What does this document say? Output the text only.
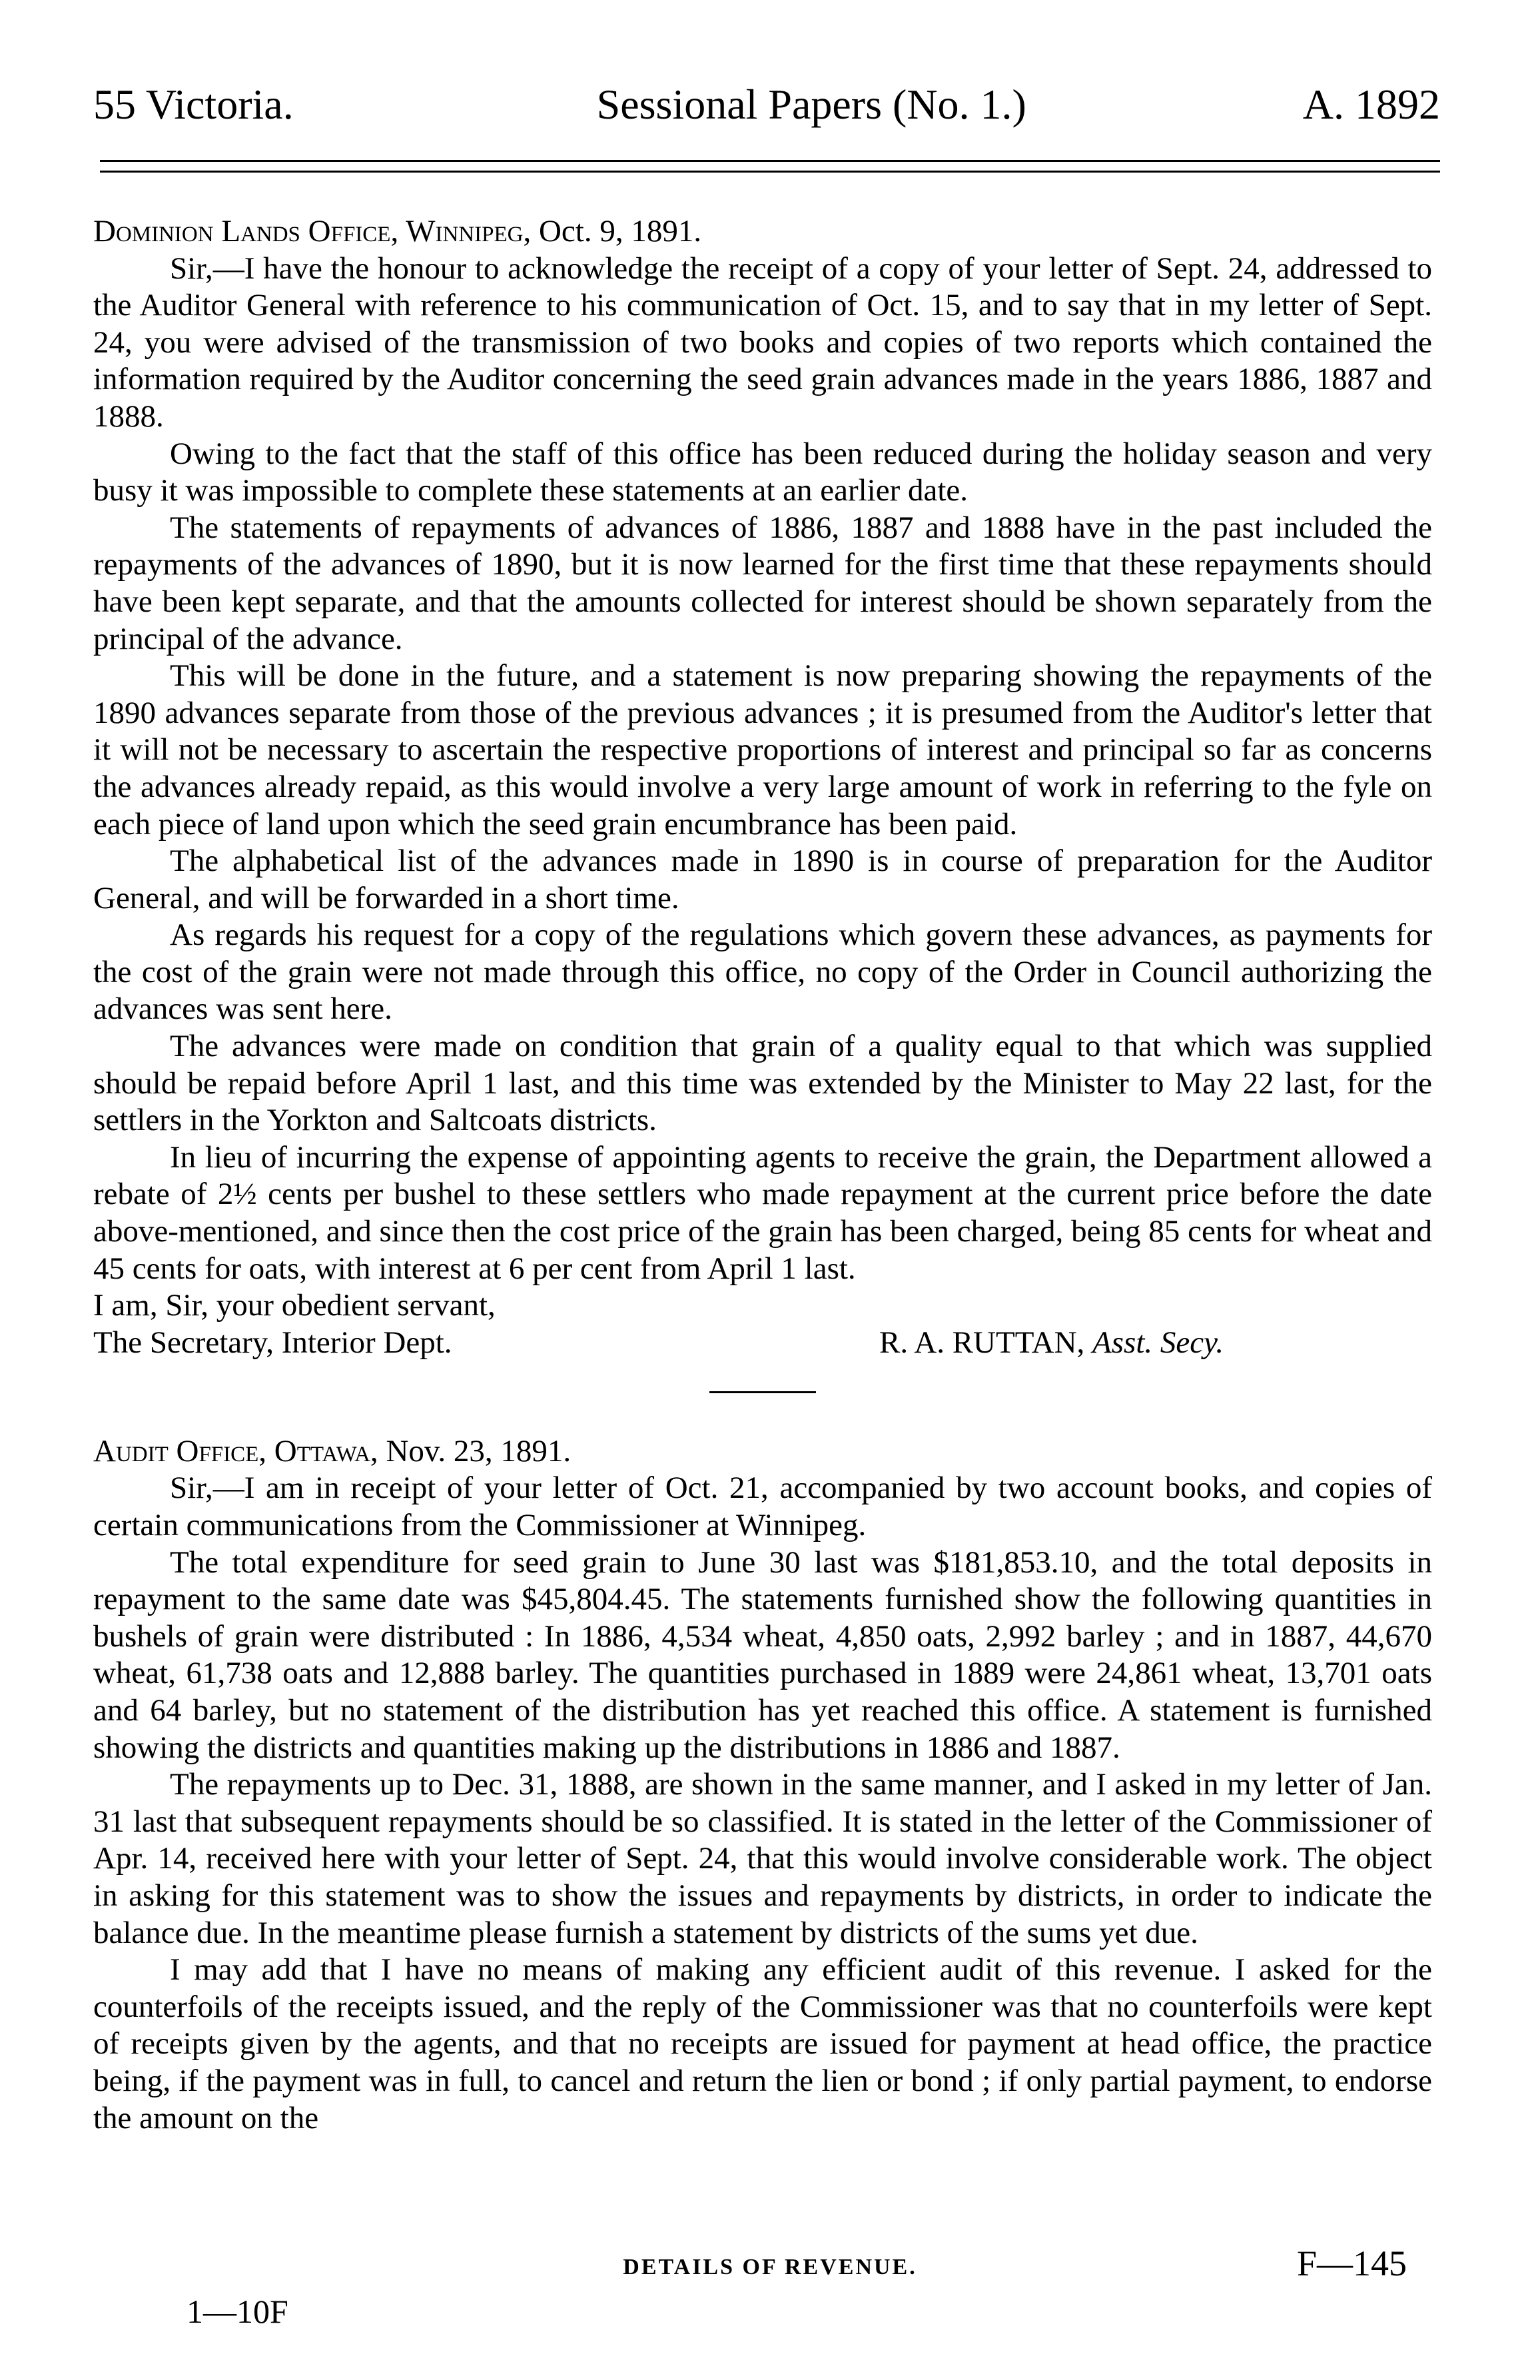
55 Victoria.	Sessional Papers (No. 1.)	A. 1892

Dominion Lands Office, Winnipeg, Oct. 9, 1891.

Sir,—I have the honour to acknowledge the receipt of a copy of your letter of Sept. 24, addressed to the Auditor General with reference to his communication of Oct. 15, and to say that in my letter of Sept. 24, you were advised of the transmission of two books and copies of two reports which contained the information required by the Auditor concerning the seed grain advances made in the years 1886, 1887 and 1888.

Owing to the fact that the staff of this office has been reduced during the holiday season and very busy it was impossible to complete these statements at an earlier date.

The statements of repayments of advances of 1886, 1887 and 1888 have in the past included the repayments of the advances of 1890, but it is now learned for the first time that these repayments should have been kept separate, and that the amounts collected for interest should be shown separately from the principal of the advance.

This will be done in the future, and a statement is now preparing showing the repayments of the 1890 advances separate from those of the previous advances ; it is presumed from the Auditor's letter that it will not be necessary to ascertain the respective proportions of interest and principal so far as concerns the advances already repaid, as this would involve a very large amount of work in referring to the fyle on each piece of land upon which the seed grain encumbrance has been paid.

The alphabetical list of the advances made in 1890 is in course of preparation for the Auditor General, and will be forwarded in a short time.

As regards his request for a copy of the regulations which govern these advances, as payments for the cost of the grain were not made through this office, no copy of the Order in Council authorizing the advances was sent here.

The advances were made on condition that grain of a quality equal to that which was supplied should be repaid before April 1 last, and this time was extended by the Minister to May 22 last, for the settlers in the Yorkton and Saltcoats districts.

In lieu of incurring the expense of appointing agents to receive the grain, the Department allowed a rebate of 2½ cents per bushel to these settlers who made repayment at the current price before the date above-mentioned, and since then the cost price of the grain has been charged, being 85 cents for wheat and 45 cents for oats, with interest at 6 per cent from April 1 last.

I am, Sir, your obedient servant,

The Secretary, Interior Dept.	R. A. RUTTAN, Asst. Secy.

Audit Office, Ottawa, Nov. 23, 1891.

Sir,—I am in receipt of your letter of Oct. 21, accompanied by two account books, and copies of certain communications from the Commissioner at Winnipeg.

The total expenditure for seed grain to June 30 last was $181,853.10, and the total deposits in repayment to the same date was $45,804.45. The statements furnished show the following quantities in bushels of grain were distributed : In 1886, 4,534 wheat, 4,850 oats, 2,992 barley ; and in 1887, 44,670 wheat, 61,738 oats and 12,888 barley. The quantities purchased in 1889 were 24,861 wheat, 13,701 oats and 64 barley, but no statement of the distribution has yet reached this office. A statement is furnished showing the districts and quantities making up the distributions in 1886 and 1887.

The repayments up to Dec. 31, 1888, are shown in the same manner, and I asked in my letter of Jan. 31 last that subsequent repayments should be so classified. It is stated in the letter of the Commissioner of Apr. 14, received here with your letter of Sept. 24, that this would involve considerable work. The object in asking for this statement was to show the issues and repayments by districts, in order to indicate the balance due. In the meantime please furnish a statement by districts of the sums yet due.

I may add that I have no means of making any efficient audit of this revenue. I asked for the counterfoils of the receipts issued, and the reply of the Commissioner was that no counterfoils were kept of receipts given by the agents, and that no receipts are issued for payment at head office, the practice being, if the payment was in full, to cancel and return the lien or bond ; if only partial payment, to endorse the amount on the

DETAILS OF REVENUE.
1—10F
F—145
